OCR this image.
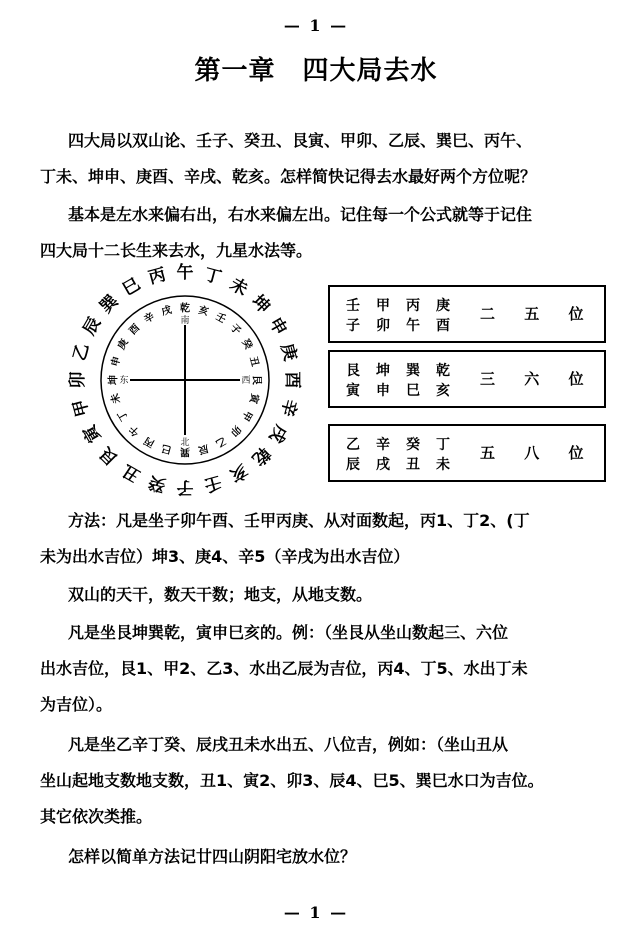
— 1 —
第一章　四大局去水
四大局以双山论、壬子、癸丑、艮寅、甲卯、乙辰、巽巳、丙午、
丁未、坤申、庚酉、辛戌、乾亥。怎样简快记得去水最好两个方位呢？
基本是左水来偏右出，右水来偏左出。记住每一个公式就等于记住
四大局十二长生来去水，九星水法等。
午 丁 未
坤
申
庚
酉
辛
戌
乾
亥
壬
子
癸
丑
艮
寅
甲
卯
乙
辰
巽
巳 丙
乾 亥 壬
子
癸
丑
艮
寅
甲
卯
乙
辰
巽
巳
丙
午
丁
未
坤
申
庚
酉
辛 戌
南
北
东	西
壬	甲	丙	庚
子	卯	午	酉
二 五 位
艮	坤	巽	乾
寅	申	巳	亥
三 六 位
乙	辛	癸	丁
辰	戌	丑	未
五 八 位
方法：凡是坐子卯午酉、壬甲丙庚、从对面数起，丙1、丁2、(丁
未为出水吉位）坤3、庚4、辛5（辛戌为出水吉位）
双山的天干，数天干数；地支，从地支数。
凡是坐艮坤巽乾，寅申巳亥的。例：（坐艮从坐山数起三、六位
出水吉位，艮1、甲2、乙3、水出乙辰为吉位，丙4、丁5、水出丁未
为吉位）。
凡是坐乙辛丁癸、辰戌丑未水出五、八位吉，例如：（坐山丑从
坐山起地支数地支数，丑1、寅2、卯3、辰4、巳5、巽巳水口为吉位。
其它依次类推。
怎样以简单方法记廿四山阴阳宅放水位？
— 1 —
